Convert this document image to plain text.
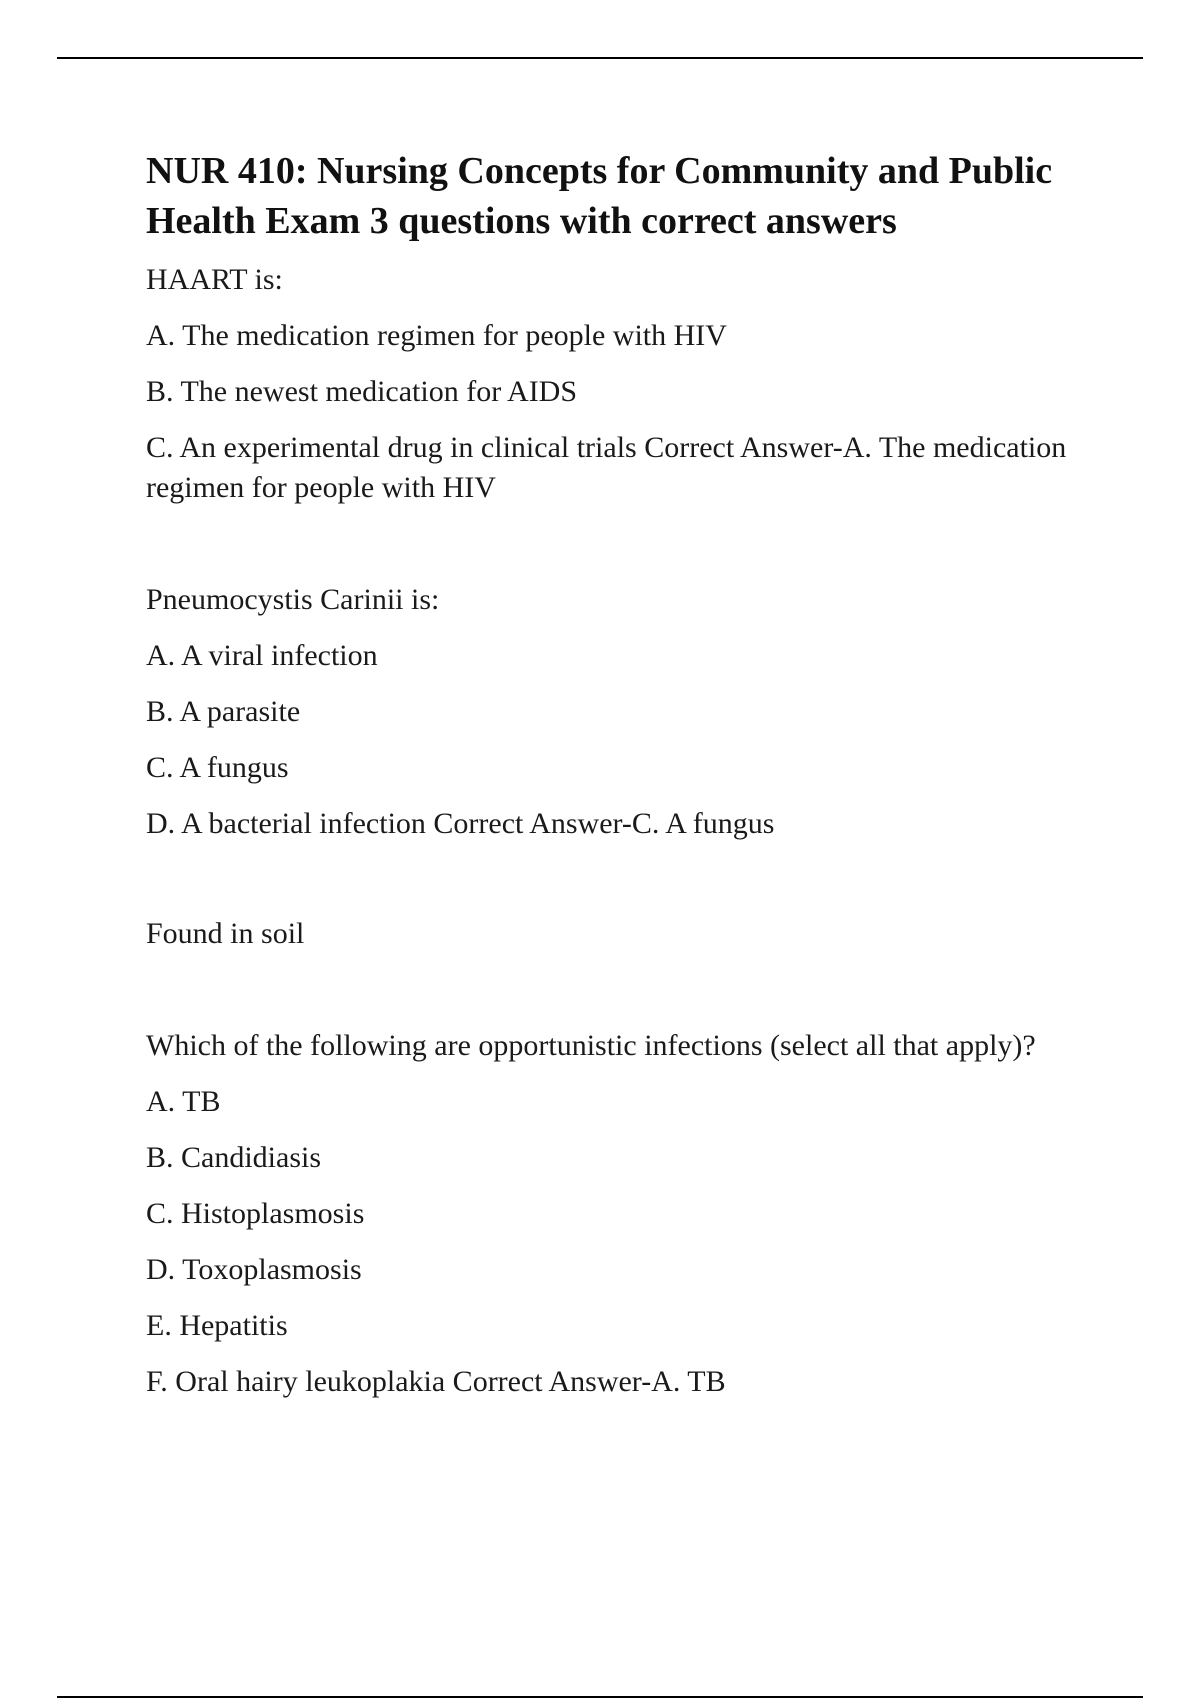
NUR 410: Nursing Concepts for Community and Public Health Exam 3 questions with correct answers

HAART is:

A. The medication regimen for people with HIV

B. The newest medication for AIDS

C. An experimental drug in clinical trials Correct Answer-A. The medication regimen for people with HIV

Pneumocystis Carinii is:

A. A viral infection

B. A parasite

C. A fungus

D. A bacterial infection Correct Answer-C. A fungus

Found in soil

Which of the following are opportunistic infections (select all that apply)?

A. TB

B. Candidiasis

C. Histoplasmosis

D. Toxoplasmosis

E. Hepatitis

F. Oral hairy leukoplakia Correct Answer-A. TB
